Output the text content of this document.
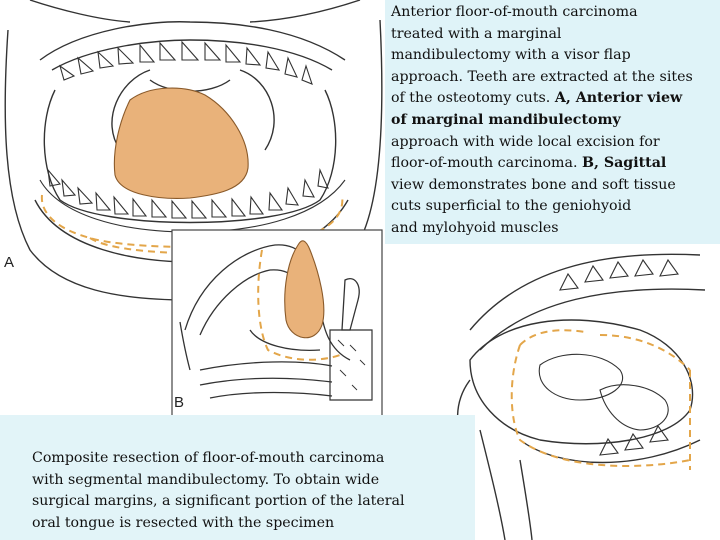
A
B
Anterior floor-of-mouth carcinoma
treated with a marginal
mandibulectomy with a visor flap
approach. Teeth are extracted at the sites
of the osteotomy cuts. A, Anterior view
of marginal mandibulectomy
approach with wide local excision for
floor-of-mouth carcinoma. B, Sagittal
view demonstrates bone and soft tissue
cuts superficial to the geniohyoid
and mylohyoid muscles
Composite resection of floor-of-mouth carcinoma
with segmental mandibulectomy. To obtain wide
surgical margins, a significant portion of the lateral
oral tongue is resected with the specimen
